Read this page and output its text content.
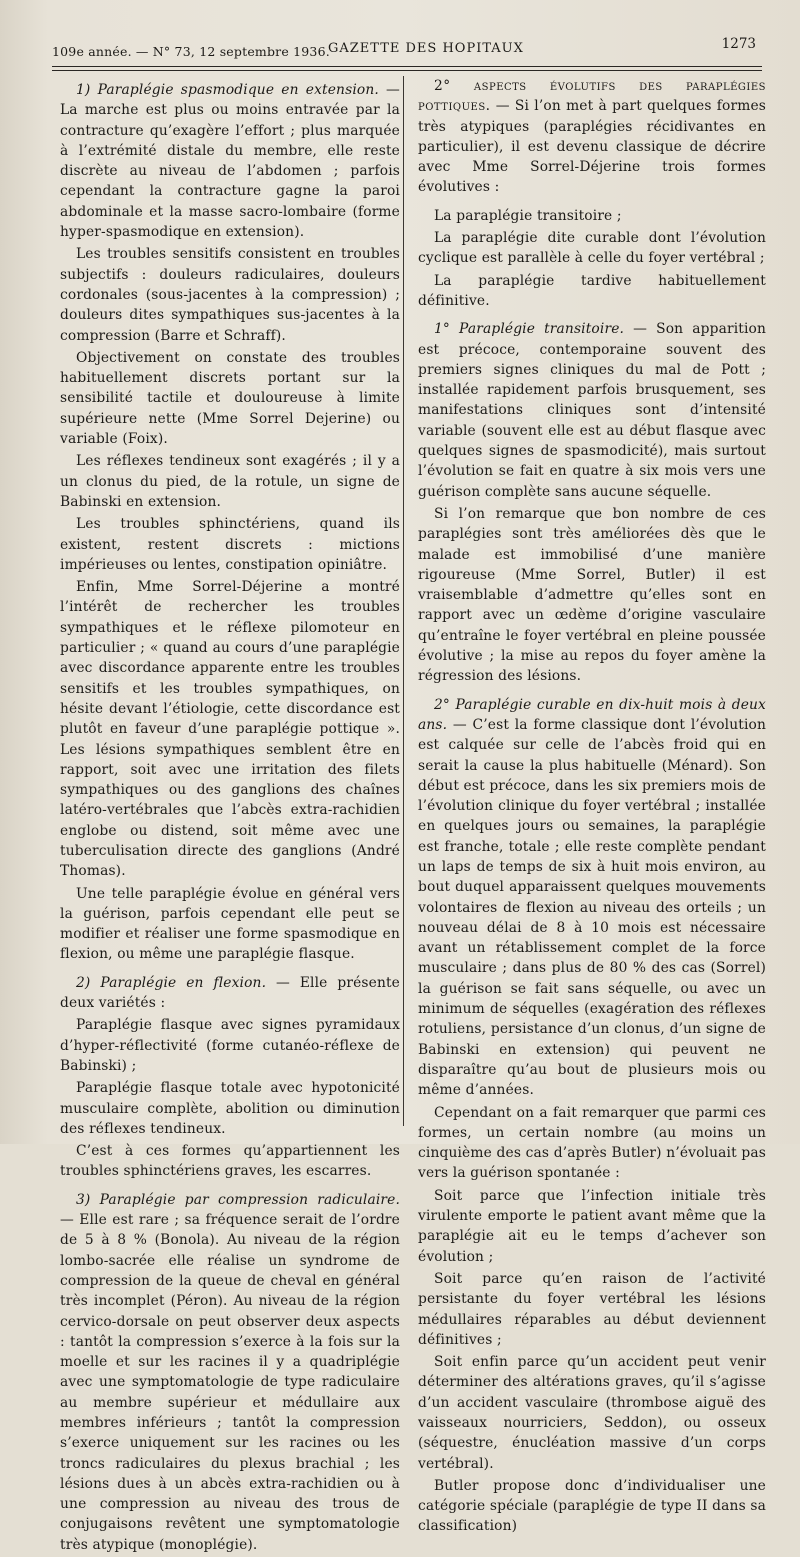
109e année. — N° 73, 12 septembre 1936.
GAZETTE DES HOPITAUX	1273

1) Paraplégie spasmodique en extension. — La marche est plus ou moins entravée par la contracture qu’exagère l’effort ; plus marquée à l’extrémité distale du membre, elle reste discrète au niveau de l’abdomen ; parfois cependant la contracture gagne la paroi abdominale et la masse sacro-lombaire (forme hyper-spasmodique en extension).

Les troubles sensitifs consistent en troubles subjectifs : douleurs radiculaires, douleurs cordonales (sous-jacentes à la compression) ; douleurs dites sympathiques sus-jacentes à la compression (Barre et Schraff).

Objectivement on constate des troubles habituellement discrets portant sur la sensibilité tactile et douloureuse à limite supérieure nette (Mme Sorrel Dejerine) ou variable (Foix).

Les réflexes tendineux sont exagérés ; il y a un clonus du pied, de la rotule, un signe de Babinski en extension.

Les troubles sphinctériens, quand ils existent, restent discrets : mictions impérieuses ou lentes, constipation opiniâtre.

Enfin, Mme Sorrel-Déjerine a montré l’intérêt de rechercher les troubles sympathiques et le réflexe pilomoteur en particulier ; « quand au cours d’une paraplégie avec discordance apparente entre les troubles sensitifs et les troubles sympathiques, on hésite devant l’étiologie, cette discordance est plutôt en faveur d’une paraplégie pottique ». Les lésions sympathiques semblent être en rapport, soit avec une irritation des filets sympathiques ou des ganglions des chaînes latéro-vertébrales que l’abcès extra-rachidien englobe ou distend, soit même avec une tuberculisation directe des ganglions (André Thomas).

Une telle paraplégie évolue en général vers la guérison, parfois cependant elle peut se modifier et réaliser une forme spasmodique en flexion, ou même une paraplégie flasque.

2) Paraplégie en flexion. — Elle présente deux variétés :

Paraplégie flasque avec signes pyramidaux d’hyper-réflectivité (forme cutanéo-réflexe de Babinski) ;

Paraplégie flasque totale avec hypotonicité musculaire complète, abolition ou diminution des réflexes tendineux.

C’est à ces formes qu’appartiennent les troubles sphinctériens graves, les escarres.

3) Paraplégie par compression radiculaire. — Elle est rare ; sa fréquence serait de l’ordre de 5 à 8 % (Bonola). Au niveau de la région lombo-sacrée elle réalise un syndrome de compression de la queue de cheval en général très incomplet (Péron). Au niveau de la région cervico-dorsale on peut observer deux aspects : tantôt la compression s’exerce à la fois sur la moelle et sur les racines il y a quadriplégie avec une symptomatologie de type radiculaire au membre supérieur et médullaire aux membres inférieurs ; tantôt la compression s’exerce uniquement sur les racines ou les troncs radiculaires du plexus brachial ; les lésions dues à un abcès extra-rachidien ou à une compression au niveau des trous de conjugaisons revêtent une symptomatologie très atypique (monoplégie).

2° aspects évolutifs des paraplégies pottiques. — Si l’on met à part quelques formes très atypiques (paraplégies récidivantes en particulier), il est devenu classique de décrire avec Mme Sorrel-Déjerine trois formes évolutives :

La paraplégie transitoire ;

La paraplégie dite curable dont l’évolution cyclique est parallèle à celle du foyer vertébral ;

La paraplégie tardive habituellement définitive.

1° Paraplégie transitoire. — Son apparition est précoce, contemporaine souvent des premiers signes cliniques du mal de Pott ; installée rapidement parfois brusquement, ses manifestations cliniques sont d’intensité variable (souvent elle est au début flasque avec quelques signes de spasmodicité), mais surtout l’évolution se fait en quatre à six mois vers une guérison complète sans aucune séquelle.

Si l’on remarque que bon nombre de ces paraplégies sont très améliorées dès que le malade est immobilisé d’une manière rigoureuse (Mme Sorrel, Butler) il est vraisemblable d’admettre qu’elles sont en rapport avec un œdème d’origine vasculaire qu’entraîne le foyer vertébral en pleine poussée évolutive ; la mise au repos du foyer amène la régression des lésions.

2° Paraplégie curable en dix-huit mois à deux ans. — C’est la forme classique dont l’évolution est calquée sur celle de l’abcès froid qui en serait la cause la plus habituelle (Ménard). Son début est précoce, dans les six premiers mois de l’évolution clinique du foyer vertébral ; installée en quelques jours ou semaines, la paraplégie est franche, totale ; elle reste complète pendant un laps de temps de six à huit mois environ, au bout duquel apparaissent quelques mouvements volontaires de flexion au niveau des orteils ; un nouveau délai de 8 à 10 mois est nécessaire avant un rétablissement complet de la force musculaire ; dans plus de 80 % des cas (Sorrel) la guérison se fait sans séquelle, ou avec un minimum de séquelles (exagération des réflexes rotuliens, persistance d’un clonus, d’un signe de Babinski en extension) qui peuvent ne disparaître qu’au bout de plusieurs mois ou même d’années.

Cependant on a fait remarquer que parmi ces formes, un certain nombre (au moins un cinquième des cas d’après Butler) n’évoluait pas vers la guérison spontanée :

Soit parce que l’infection initiale très virulente emporte le patient avant même que la paraplégie ait eu le temps d’achever son évolution ;

Soit parce qu’en raison de l’activité persistante du foyer vertébral les lésions médullaires réparables au début deviennent définitives ;

Soit enfin parce qu’un accident peut venir déterminer des altérations graves, qu’il s’agisse d’un accident vasculaire (thrombose aiguë des vaisseaux nourriciers, Seddon), ou osseux (séquestre, énucléation massive d’un corps vertébral).

Butler propose donc d’individualiser une catégorie spéciale (paraplégie de type II dans sa classification)
